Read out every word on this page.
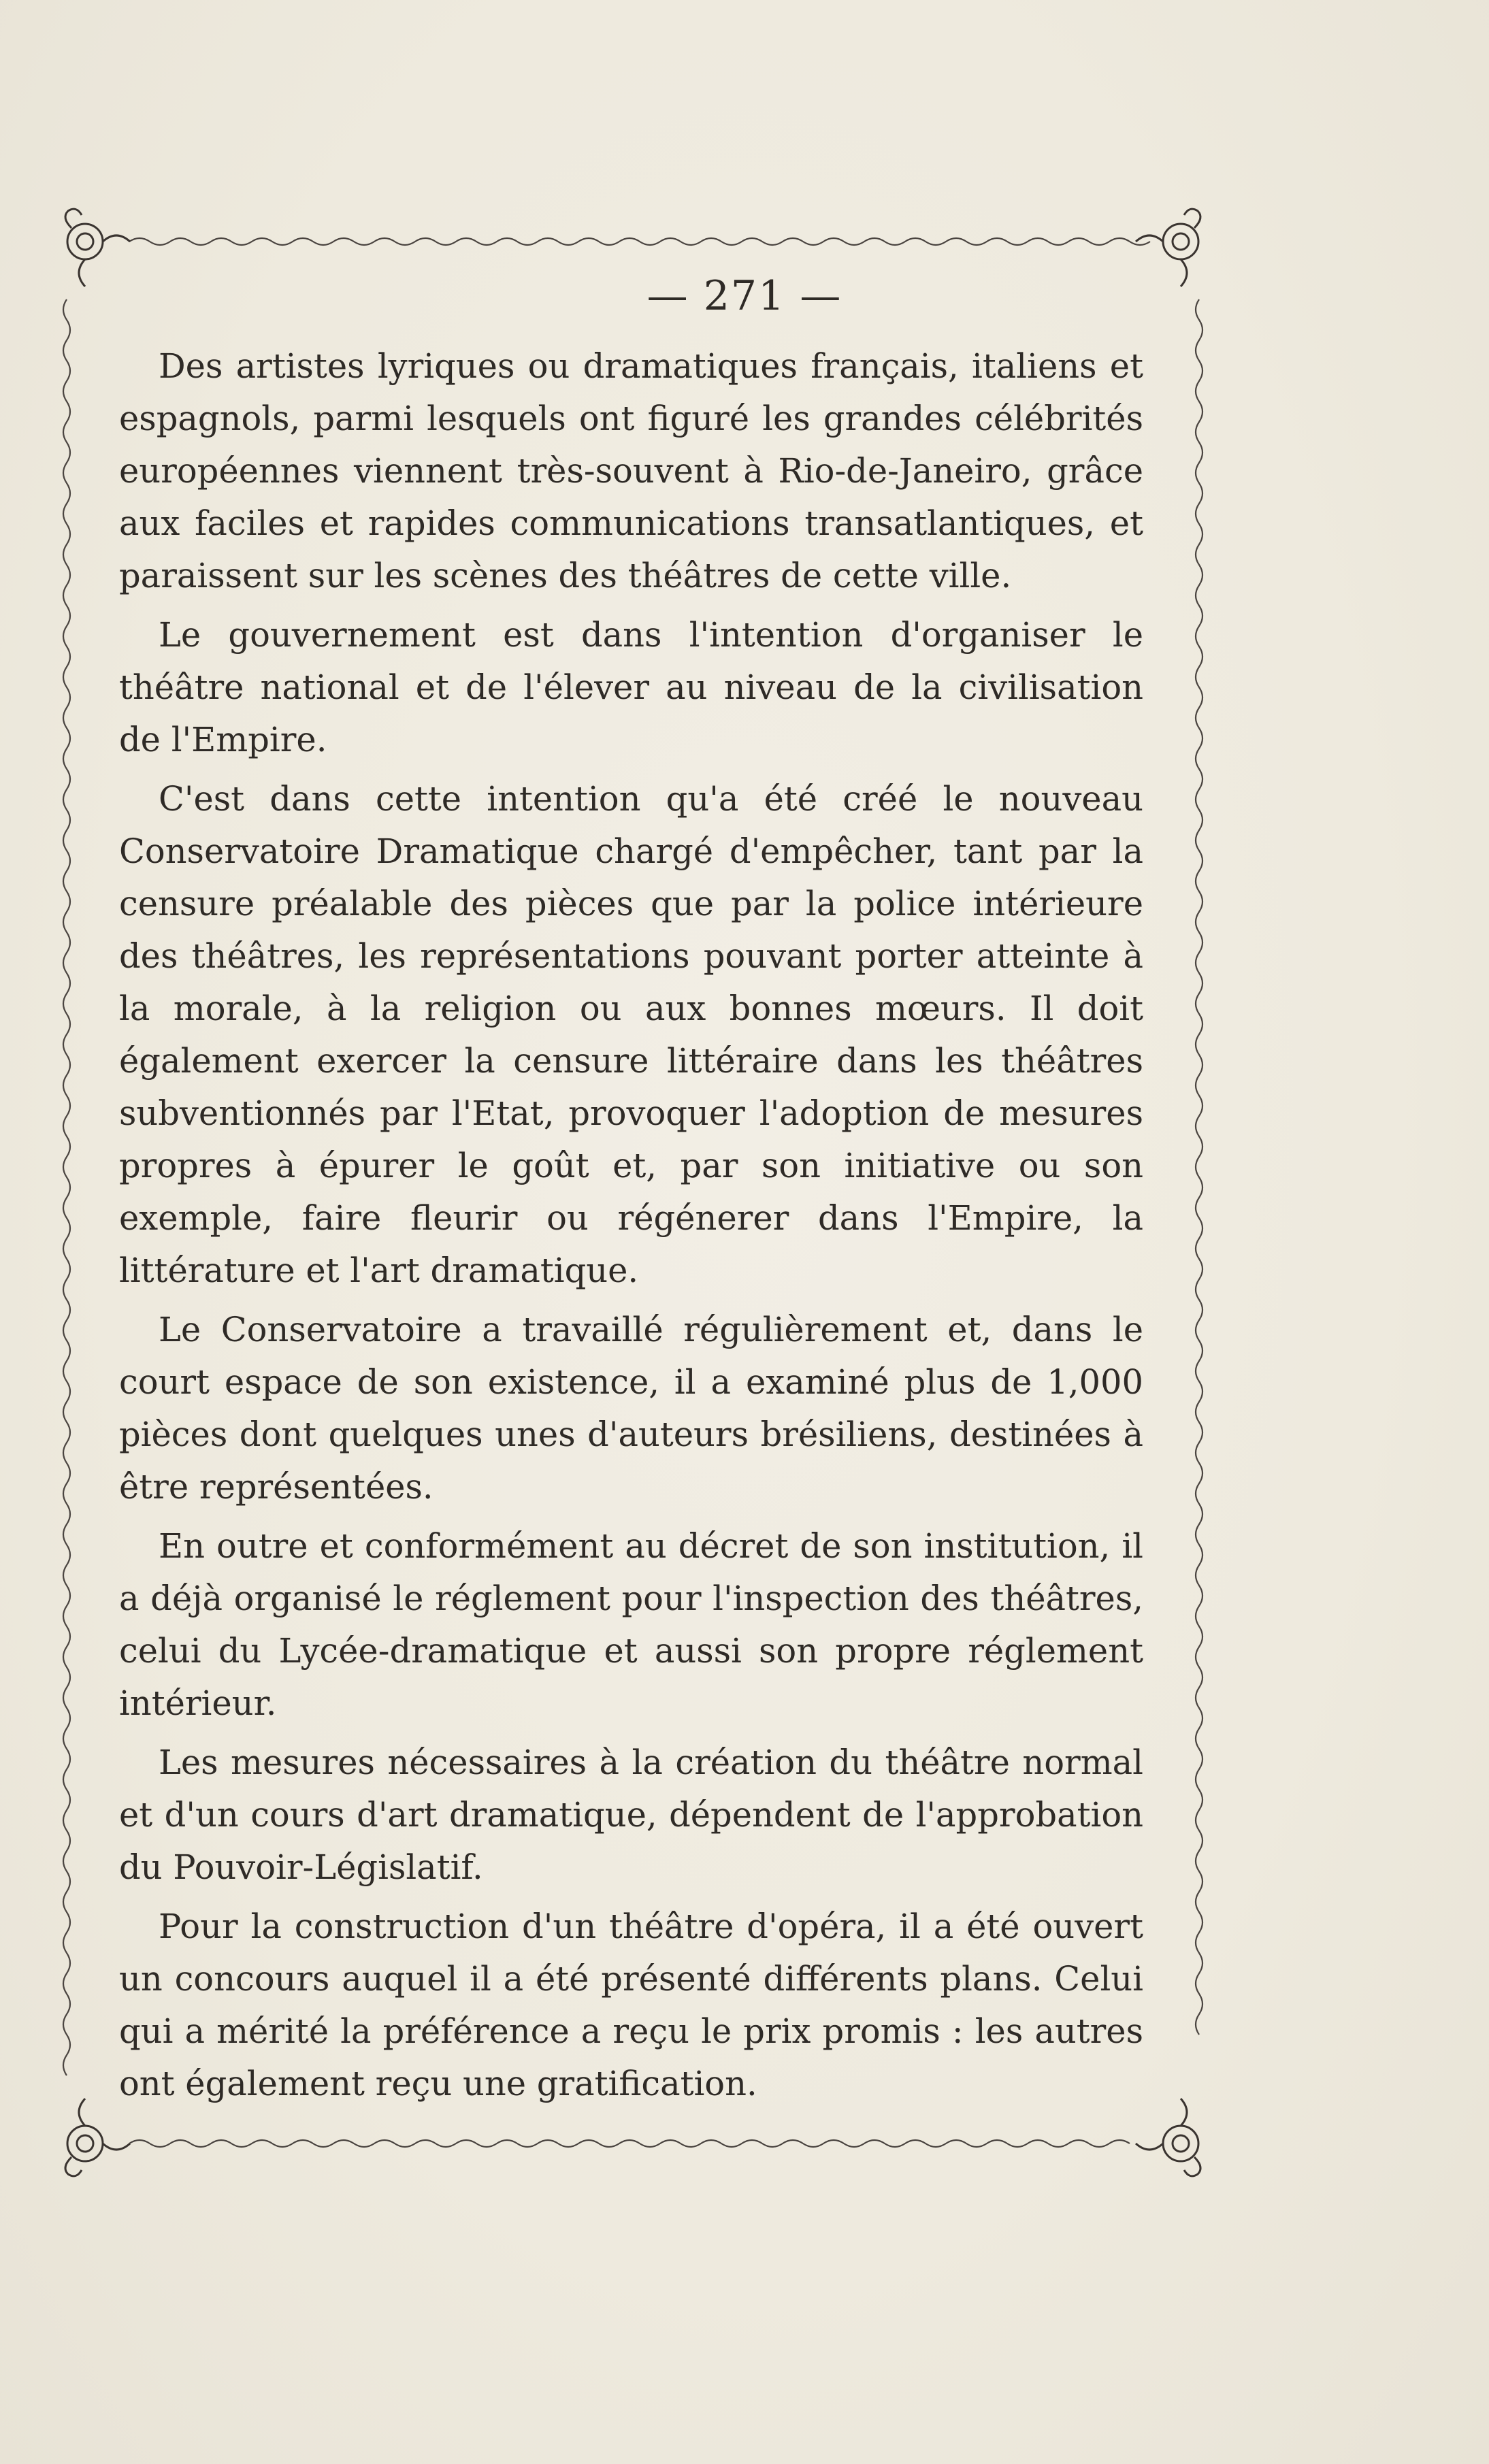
— 271 —

Des artistes lyriques ou dramatiques français, italiens et espagnols, parmi lesquels ont figuré les grandes célébrités européennes viennent très-souvent à Rio-de-Janeiro, grâce aux faciles et rapides communications transatlantiques, et paraissent sur les scènes des théâtres de cette ville.

Le gouvernement est dans l'intention d'organiser le théâtre national et de l'élever au niveau de la civilisation de l'Empire.

C'est dans cette intention qu'a été créé le nouveau Conservatoire Dramatique chargé d'empêcher, tant par la censure préalable des pièces que par la police intérieure des théâtres, les représentations pouvant porter atteinte à la morale, à la religion ou aux bonnes mœurs. Il doit également exercer la censure littéraire dans les théâtres subventionnés par l'Etat, provoquer l'adoption de mesures propres à épurer le goût et, par son initiative ou son exemple, faire fleurir ou régénerer dans l'Empire, la littérature et l'art dramatique.

Le Conservatoire a travaillé régulièrement et, dans le court espace de son existence, il a examiné plus de 1,000 pièces dont quelques unes d'auteurs brésiliens, destinées à être représentées.

En outre et conformément au décret de son institution, il a déjà organisé le réglement pour l'inspection des théâtres, celui du Lycée-dramatique et aussi son propre réglement intérieur.

Les mesures nécessaires à la création du théâtre normal et d'un cours d'art dramatique, dépendent de l'approbation du Pouvoir-Législatif.

Pour la construction d'un théâtre d'opéra, il a été ouvert un concours auquel il a été présenté différents plans. Celui qui a mérité la préférence a reçu le prix promis : les autres ont également reçu une gratification.
